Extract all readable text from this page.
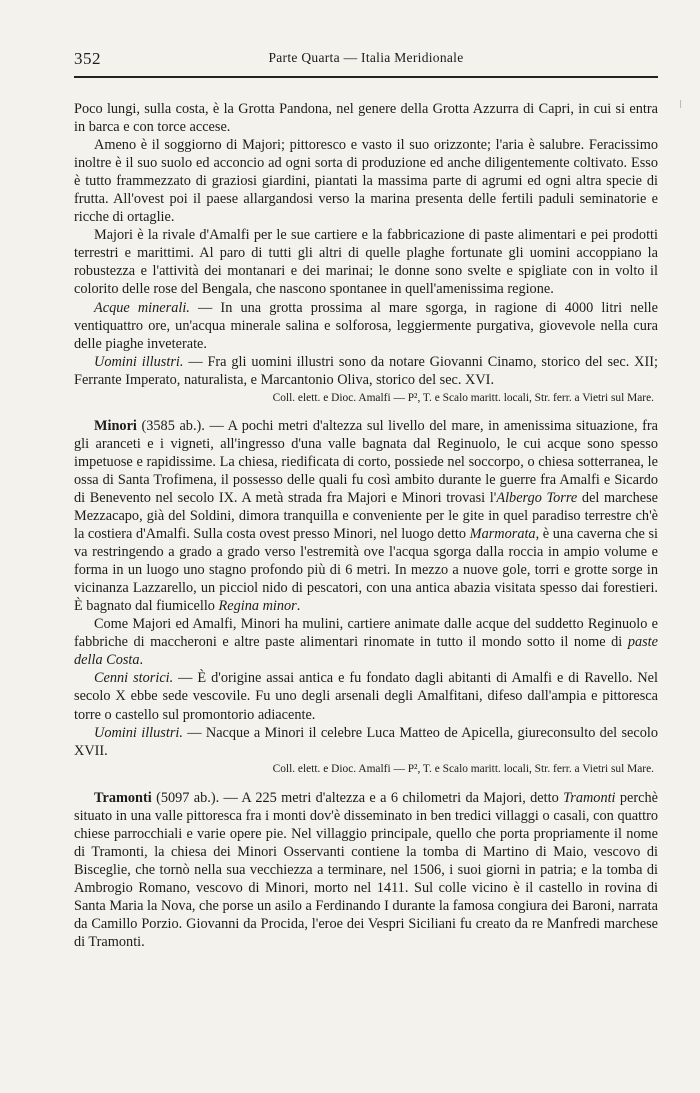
352	Parte Quarta — Italia Meridionale

Poco lungi, sulla costa, è la Grotta Pandona, nel genere della Grotta Azzurra di Capri, in cui si entra in barca e con torce accese.

Ameno è il soggiorno di Majori; pittoresco e vasto il suo orizzonte; l'aria è salubre. Feracissimo inoltre è il suo suolo ed acconcio ad ogni sorta di produzione ed anche diligentemente coltivato. Esso è tutto frammezzato di graziosi giardini, piantati la massima parte di agrumi ed ogni altra specie di frutta. All'ovest poi il paese allargandosi verso la marina presenta delle fertili paduli seminatorie e ricche di ortaglie.

Majori è la rivale d'Amalfi per le sue cartiere e la fabbricazione di paste alimentari e pei prodotti terrestri e marittimi. Al paro di tutti gli altri di quelle plaghe fortunate gli uomini accoppiano la robustezza e l'attività dei montanari e dei marinai; le donne sono svelte e spigliate con in volto il colorito delle rose del Bengala, che nascono spontanee in quell'amenissima regione.

Acque minerali. — In una grotta prossima al mare sgorga, in ragione di 4000 litri nelle ventiquattro ore, un'acqua minerale salina e solforosa, leggiermente purgativa, giovevole nella cura delle piaghe inveterate.

Uomini illustri. — Fra gli uomini illustri sono da notare Giovanni Cinamo, storico del sec. XII; Ferrante Imperato, naturalista, e Marcantonio Oliva, storico del sec. XVI.

Coll. elett. e Dioc. Amalfi — P², T. e Scalo maritt. locali, Str. ferr. a Vietri sul Mare.

Minori (3585 ab.). — A pochi metri d'altezza sul livello del mare, in amenissima situazione, fra gli aranceti e i vigneti, all'ingresso d'una valle bagnata dal Reginuolo, le cui acque sono spesso impetuose e rapidissime. La chiesa, riedificata di corto, possiede nel soccorpo, o chiesa sotterranea, le ossa di Santa Trofimena, il possesso delle quali fu così ambito durante le guerre fra Amalfi e Sicardo di Benevento nel secolo IX. A metà strada fra Majori e Minori trovasi l'Albergo Torre del marchese Mezzacapo, già del Soldini, dimora tranquilla e conveniente per le gite in quel paradiso terrestre ch'è la costiera d'Amalfi. Sulla costa ovest presso Minori, nel luogo detto Marmorata, è una caverna che si va restringendo a grado a grado verso l'estremità ove l'acqua sgorga dalla roccia in ampio volume e forma in un luogo uno stagno profondo più di 6 metri. In mezzo a nuove gole, torri e grotte sorge in vicinanza Lazzarello, un picciol nido di pescatori, con una antica abazia visitata spesso dai forestieri. È bagnato dal fiumicello Regina minor.

Come Majori ed Amalfi, Minori ha mulini, cartiere animate dalle acque del suddetto Reginuolo e fabbriche di maccheroni e altre paste alimentari rinomate in tutto il mondo sotto il nome di paste della Costa.

Cenni storici. — È d'origine assai antica e fu fondato dagli abitanti di Amalfi e di Ravello. Nel secolo X ebbe sede vescovile. Fu uno degli arsenali degli Amalfitani, difeso dall'ampia e pittoresca torre o castello sul promontorio adiacente.

Uomini illustri. — Nacque a Minori il celebre Luca Matteo de Apicella, giureconsulto del secolo XVII.

Coll. elett. e Dioc. Amalfi — P², T. e Scalo maritt. locali, Str. ferr. a Vietri sul Mare.

Tramonti (5097 ab.). — A 225 metri d'altezza e a 6 chilometri da Majori, detto Tramonti perchè situato in una valle pittoresca fra i monti dov'è disseminato in ben tredici villaggi o casali, con quattro chiese parrocchiali e varie opere pie. Nel villaggio principale, quello che porta propriamente il nome di Tramonti, la chiesa dei Minori Osservanti contiene la tomba di Martino di Maio, vescovo di Bisceglie, che tornò nella sua vecchiezza a terminare, nel 1506, i suoi giorni in patria; e la tomba di Ambrogio Romano, vescovo di Minori, morto nel 1411. Sul colle vicino è il castello in rovina di Santa Maria la Nova, che porse un asilo a Ferdinando I durante la famosa congiura dei Baroni, narrata da Camillo Porzio. Giovanni da Procida, l'eroe dei Vespri Siciliani fu creato da re Manfredi marchese di Tramonti.
